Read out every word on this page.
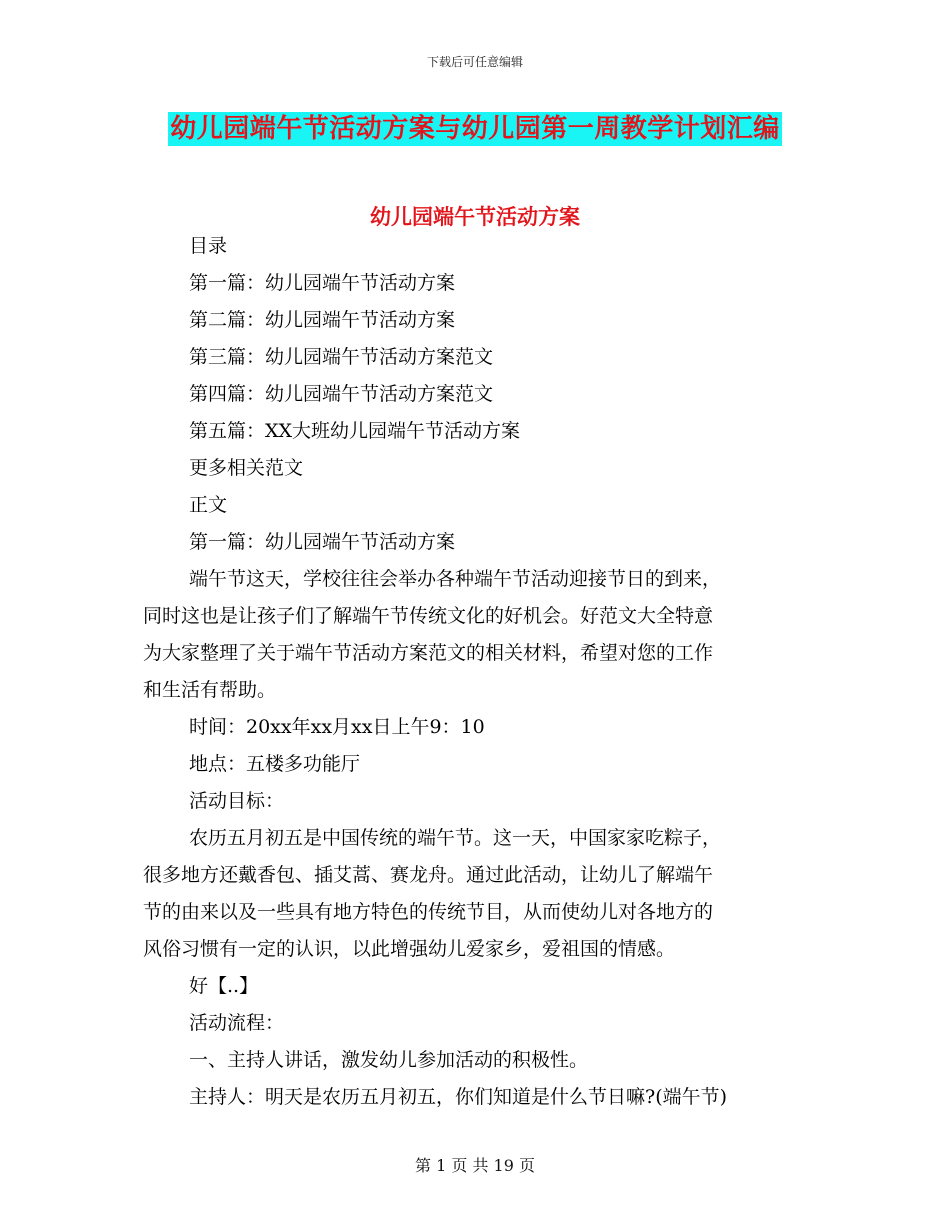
下载后可任意编辑
幼儿园端午节活动方案与幼儿园第一周教学计划汇编
幼儿园端午节活动方案
目录
第一篇：幼儿园端午节活动方案
第二篇：幼儿园端午节活动方案
第三篇：幼儿园端午节活动方案范文
第四篇：幼儿园端午节活动方案范文
第五篇：XX大班幼儿园端午节活动方案
更多相关范文
正文
第一篇：幼儿园端午节活动方案
端午节这天，学校往往会举办各种端午节活动迎接节日的到来，
同时这也是让孩子们了解端午节传统文化的好机会。好范文大全特意
为大家整理了关于端午节活动方案范文的相关材料，希望对您的工作
和生活有帮助。
时间：20xx年xx月xx日上午9：10
地点：五楼多功能厅
活动目标：
农历五月初五是中国传统的端午节。这一天，中国家家吃粽子，
很多地方还戴香包、插艾蒿、赛龙舟。通过此活动，让幼儿了解端午
节的由来以及一些具有地方特色的传统节目，从而使幼儿对各地方的
风俗习惯有一定的认识，以此增强幼儿爱家乡，爱祖国的情感。
好【..】
活动流程：
一、主持人讲话，激发幼儿参加活动的积极性。
主持人：明天是农历五月初五，你们知道是什么节日嘛?(端午节)
第 1 页 共 19 页
